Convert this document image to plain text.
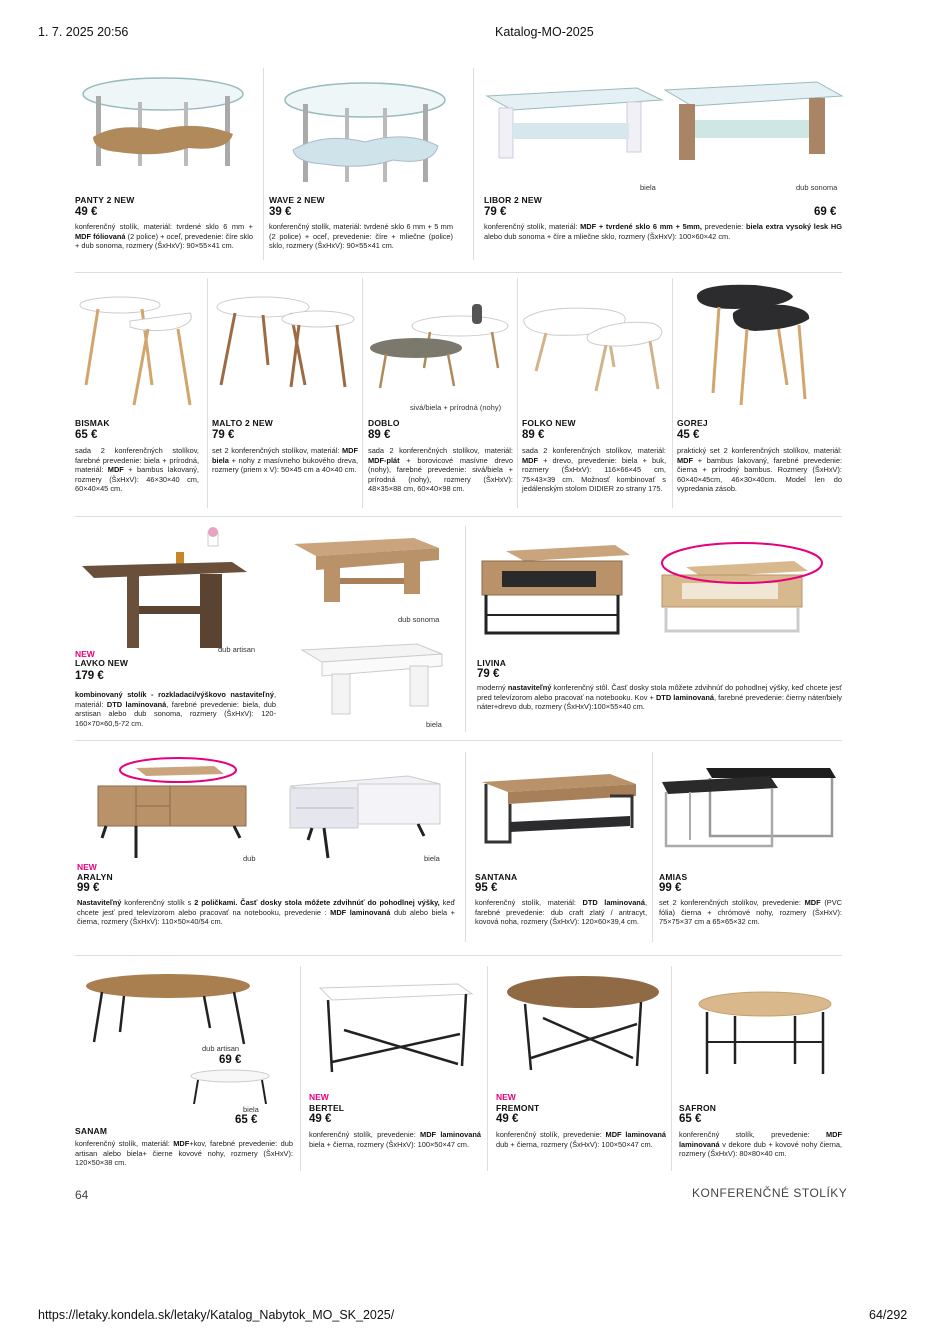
1. 7. 2025 20:56	Katalog-MO-2025
biela	dub sonoma
PANTY 2 NEW
49 €
konferenčný stolík, materiál: tvrdené sklo 6 mm + MDF fóliovaná (2 police) + oceľ, prevedenie: číre sklo + dub sonoma, rozmery (ŠxHxV): 90×55×41 cm.
WAVE 2 NEW
39 €
konferenčný stolík, materiál: tvrdené sklo 6 mm + 5 mm (2 police) + oceľ, prevedenie: číre + mliečne (police) sklo, rozmery (ŠxHxV): 90×55×41 cm.
LIBOR 2 NEW
79 €	69 €
konferenčný stolík, materiál: MDF + tvrdené sklo 6 mm + 5mm, prevedenie: biela extra vysoký lesk HG alebo dub sonoma + číre a mliečne sklo, rozmery (ŠxHxV): 100×60×42 cm.
sivá/biela + prírodná (nohy)
BISMAK
65 €
sada 2 konferenčných stolíkov, farebné prevedenie: biela + prírodná, materiál: MDF + bambus lakovaný, rozmery (ŠxHxV): 46×30×40 cm, 60×40×45 cm.
MALTO 2 NEW
79 €
set 2 konferenčných stolíkov, materiál: MDF biela + nohy z masívneho bukového dreva, rozmery (priem x V): 50×45 cm a 40×40 cm.
DOBLO
89 €
sada 2 konferenčných stolíkov, materiál: MDF-plát + borovicové masívne drevo (nohy), farebné prevedenie: sivá/biela + prírodná (nohy), rozmery (ŠxHxV): 48×35×88 cm, 60×40×98 cm.
FOLKO NEW
89 €
sada 2 konferenčných stolíkov, materiál: MDF + drevo, prevedenie: biela + buk, rozmery (ŠxHxV): 116×66×45 cm, 75×43×39 cm. Možnosť kombinovať s jedálenským stolom DIDIER zo strany 175.
GOREJ
45 €
praktický set 2 konferenčných stolíkov, materiál: MDF + bambus lakovaný, farebné prevedenie: čierna + prírodný bambus. Rozmery (ŠxHxV): 60×40×45cm, 46×30×40cm. Model len do vypredania zásob.
dub artisan
dub sonoma
biela
NEW
LAVKO NEW
179 €
kombinovaný stolík - rozkladací/výškovo nastaviteľný, materiál: DTD laminovaná, farebné prevedenie: biela, dub arstisan alebo dub sonoma, rozmery (ŠxHxV): 120-160×70×60,5-72 cm.
LIVINA
79 €
moderný nastaviteľný konferenčný stôl. Časť dosky stola môžete zdvihnúť do pohodlnej výšky, keď chcete jesť pred televízorom alebo pracovať na notebooku. Kov + DTD laminovaná, farebné prevedenie: čierny náter/biely náter+drevo dub, rozmery (ŠxHxV):100×55×40 cm.
dub	biela
NEW
ARALYN
99 €
Nastaviteľný konferenčný stolík s 2 poličkami. Časť dosky stola môžete zdvihnúť do pohodlnej výšky, keď chcete jesť pred televízorom alebo pracovať na notebooku, prevedenie : MDF laminovaná dub alebo biela + čierna, rozmery (ŠxHxV): 110×50×40/54 cm.
SANTANA
95 €
konferenčný stolík, materiál: DTD laminovaná, farebné prevedenie: dub craft zlatý / antracyt, kovová noha, rozmery (ŠxHxV): 120×60×39,4 cm.
AMIAS
99 €
set 2 konferenčných stolíkov, prevedenie: MDF (PVC fólia) čierna + chrómové nohy, rozmery (ŠxHxV): 75×75×37 cm a 65×65×32 cm.
dub artisan
69 €
biela
65 €
SANAM
konferenčný stolík, materiál: MDF+kov, farebné prevedenie: dub artisan alebo biela+ čierne kovové nohy, rozmery (ŠxHxV): 120×50×38 cm.
NEW
BERTEL
49 €
konferenčný stolík, prevedenie: MDF laminovaná biela + čierna, rozmery (ŠxHxV): 100×50×47 cm.
NEW
FREMONT
49 €
konferenčný stolík, prevedenie: MDF laminovaná dub + čierna, rozmery (ŠxHxV): 100×50×47 cm.
SAFRON
65 €
konferenčný stolík, prevedenie: MDF laminovaná v dekore dub + kovové nohy čierna, rozmery (ŠxHxV): 80×80×40 cm.
64	KONFERENČNÉ STOLÍKY
https://letaky.kondela.sk/letaky/Katalog_Nabytok_MO_SK_2025/	64/292
